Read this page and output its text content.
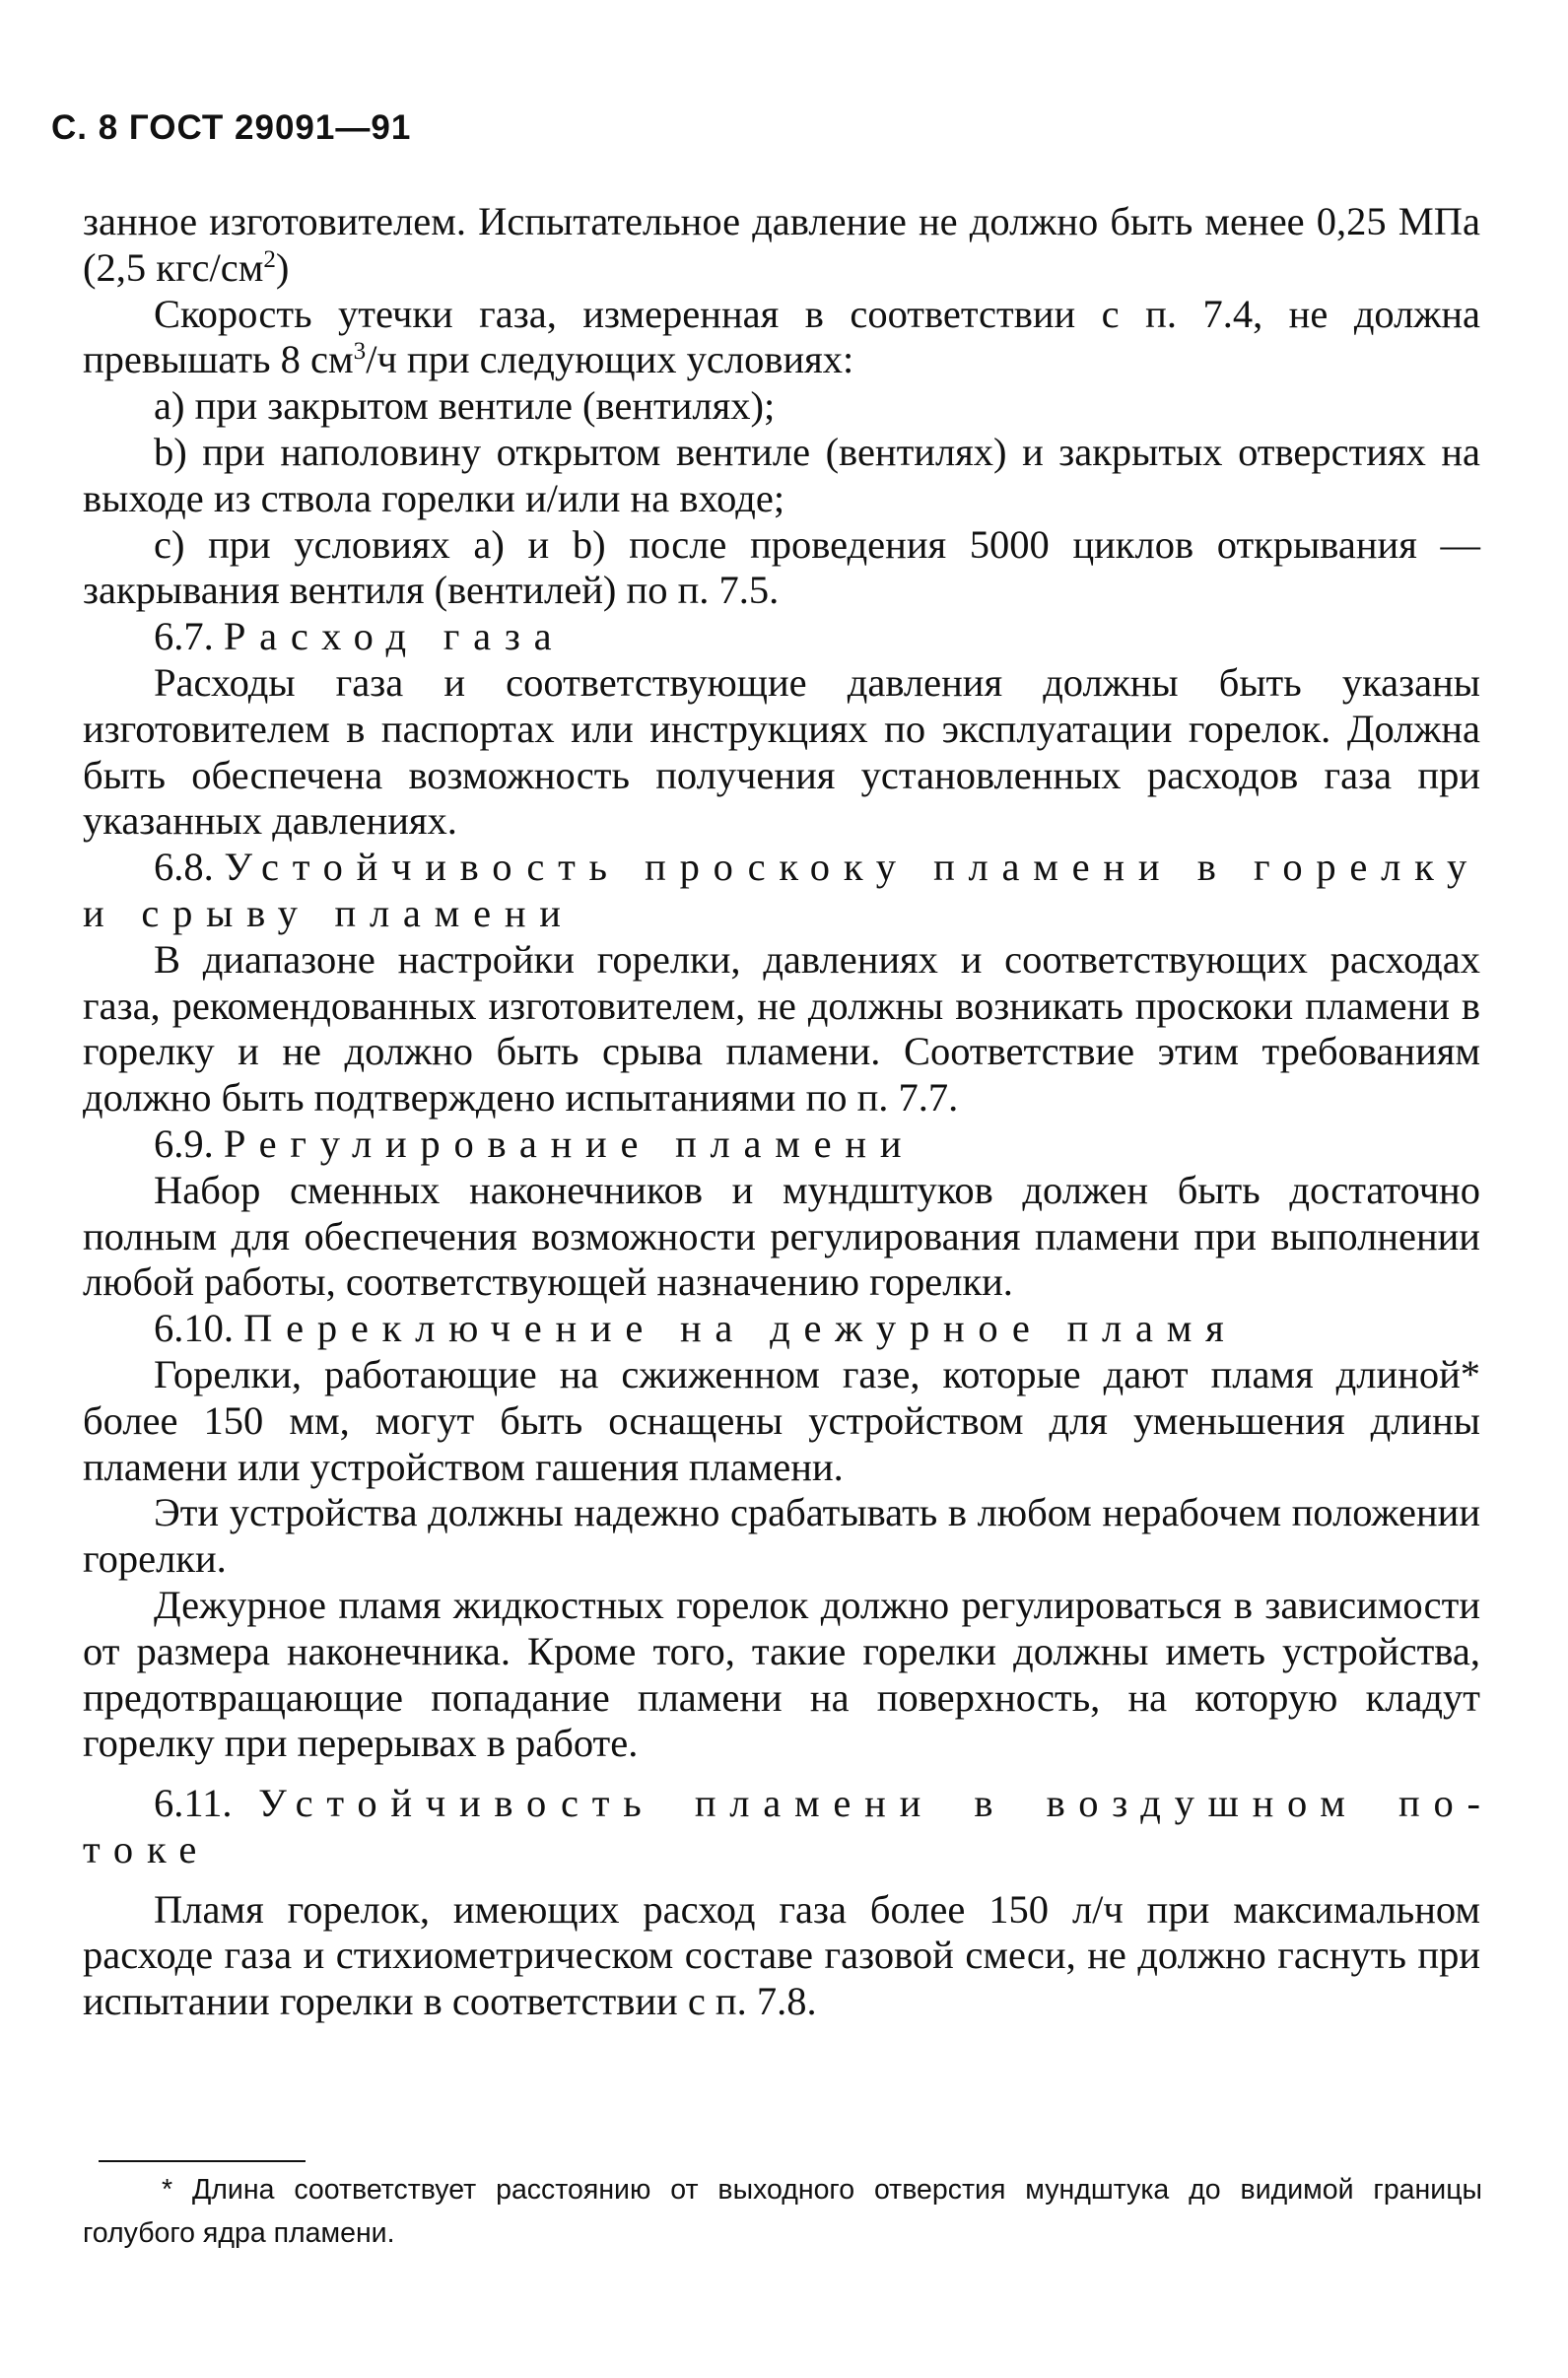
С. 8 ГОСТ 29091—91

занное изготовителем. Испытательное давление не должно быть менее 0,25 МПа (2,5 кгс/$см^2$)

Скорость утечки газа, измеренная в соответствии с п. 7.4, не должна превышать 8 $см^3/ч$ при следующих условиях:

а) при закрытом вентиле (вентилях);

b) при наполовину открытом вентиле (вентилях) и закрытых отверстиях на выходе из ствола горелки и/или на входе;

с) при условиях а) и b) после проведения 5000 циклов открывания — закрывания вентиля (вентилей) по п. 7.5.

6.7. Расход газа

Расходы газа и соответствующие давления должны быть указаны изготовителем в паспортах или инструкциях по эксплуатации горелок. Должна быть обеспечена возможность получения установленных расходов газа при указанных давлениях.

6.8. Устойчивость проскоку пламени в горелку и срыву пламени

В диапазоне настройки горелки, давлениях и соответствующих расходах газа, рекомендованных изготовителем, не должны возникать проскоки пламени в горелку и не должно быть срыва пламени. Соответствие этим требованиям должно быть подтверждено испытаниями по п. 7.7.

6.9. Регулирование пламени

Набор сменных наконечников и мундштуков должен быть достаточно полным для обеспечения возможности регулирования пламени при выполнении любой работы, соответствующей назначению горелки.

6.10. Переключение на дежурное пламя

Горелки, работающие на сжиженном газе, которые дают пламя длиной* более 150 мм, могут быть оснащены устройством для уменьшения длины пламени или устройством гашения пламени.

Эти устройства должны надежно срабатывать в любом нерабочем положении горелки.

Дежурное пламя жидкостных горелок должно регулироваться в зависимости от размера наконечника. Кроме того, такие горелки должны иметь устройства, предотвращающие попадание пламени на поверхность, на которую кладут горелку при перерывах в работе.

6.11. Устойчивость пламени в воздушном потоке

Пламя горелок, имеющих расход газа более 150 л/ч при максимальном расходе газа и стихиометрическом составе газовой смеси, не должно гаснуть при испытании горелки в соответствии с п. 7.8.

* Длина соответствует расстоянию от выходного отверстия мундштука до видимой границы голубого ядра пламени.
